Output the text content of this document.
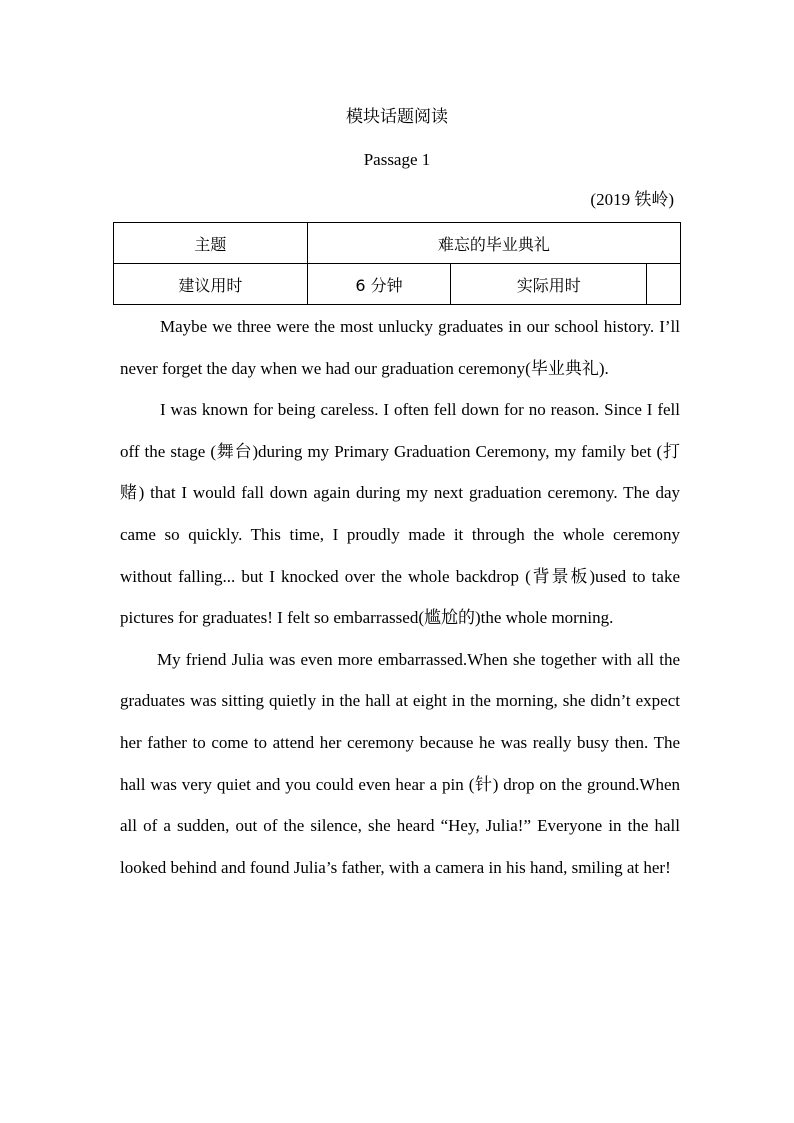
模块话题阅读
Passage 1
(2019 铁岭)
主题	难忘的毕业典礼		
建议用时	6 分钟	实际用时	

Maybe we three were the most unlucky graduates in our school history. I’ll never forget the day when we had our graduation ceremony(毕业典礼).

I was known for being careless. I often fell down for no reason. Since I fell off the stage (舞台)during my Primary Graduation Ceremony, my family bet (打赌) that I would fall down again during my next graduation ceremony. The day came so quickly. This time, I proudly made it through the whole ceremony without falling... but I knocked over the whole backdrop (背景板)used to take pictures for graduates! I felt so embarrassed(尴尬的)the whole morning.

My friend Julia was even more embarrassed.When she together with all the graduates was sitting quietly in the hall at eight in the morning, she didn’t expect her father to come to attend her ceremony because he was really busy then. The hall was very quiet and you could even hear a pin (针) drop on the ground.When all of a sudden, out of the silence, she heard “Hey, Julia!” Everyone in the hall looked behind and found Julia’s father, with a camera in his hand, smiling at her!
